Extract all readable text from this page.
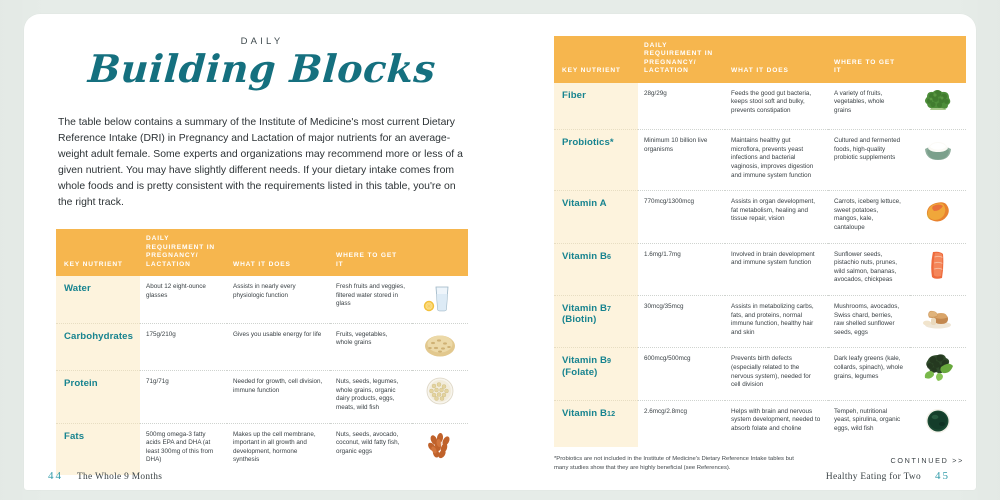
DAILY
Building Blocks

The table below contains a summary of the Institute of Medicine's most current Dietary Reference Intake (DRI) in Pregnancy and Lactation of major nutrients for an average-weight adult female. Some experts and organizations may recommend more or less of a given nutrient. You may have slightly different needs. If your dietary intake comes from whole foods and is pretty consistent with the requirements listed in this table, you're on the right track.

KEY NUTRIENT	DAILY REQUIREMENT IN PREGNANCY/ LACTATION	WHAT IT DOES	WHERE TO GET IT	
Water	About 12 eight-ounce glasses	Assists in nearly every physiologic function	Fresh fruits and veggies, filtered water stored in glass	

Carbohydrates	175g/210g	Gives you usable energy for life	Fruits, vegetables, whole grains	

Protein	71g/71g	Needed for growth, cell division, immune function	Nuts, seeds, legumes, whole grains, organic dairy products, eggs, meats, wild fish	

Fats	500mg omega-3 fatty acids EPA and DHA (at least 300mg of this from DHA)	Makes up the cell membrane, important in all growth and development, hormone synthesis	Nuts, seeds, avocado, coconut, wild fatty fish, organic eggs	
KEY NUTRIENT	DAILY REQUIREMENT IN PREGNANCY/ LACTATION	WHAT IT DOES	WHERE TO GET IT	
Fiber	28g/29g	Feeds the good gut bacteria, keeps stool soft and bulky, prevents constipation	A variety of fruits, vegetables, whole grains	

Probiotics*	Minimum 10 billion live organisms	Maintains healthy gut microflora, prevents yeast infections and bacterial vaginosis, improves digestion and immune system function	Cultured and fermented foods, high-quality probiotic supplements	

Vitamin A	770mcg/1300mcg	Assists in organ development, fat metabolism, healing and tissue repair, vision	Carrots, iceberg lettuce, sweet potatoes, mangos, kale, cantaloupe	

Vitamin B6	1.6mg/1.7mg	Involved in brain development and immune system function	Sunflower seeds, pistachio nuts, prunes, wild salmon, bananas, avocados, chickpeas	

Vitamin B7
(Biotin)	30mcg/35mcg	Assists in metabolizing carbs, fats, and proteins, normal immune function, healthy hair and skin	Mushrooms, avocados, Swiss chard, berries, raw shelled sunflower seeds, eggs	

Vitamin B9
(Folate)	600mcg/500mcg	Prevents birth defects (especially related to the nervous system), needed for cell division	Dark leafy greens (kale, collards, spinach), whole grains, legumes	

Vitamin B12	2.6mcg/2.8mcg	Helps with brain and nervous system development, needed to absorb folate and choline	Tempeh, nutritional yeast, spirulina, organic eggs, wild fish	
*Probiotics are not included in the Institute of Medicine's Dietary Reference Intake tables but many studies show that they are highly beneficial (see References).
CONTINUED >>
44 The Whole 9 Months	Healthy Eating for Two 45
